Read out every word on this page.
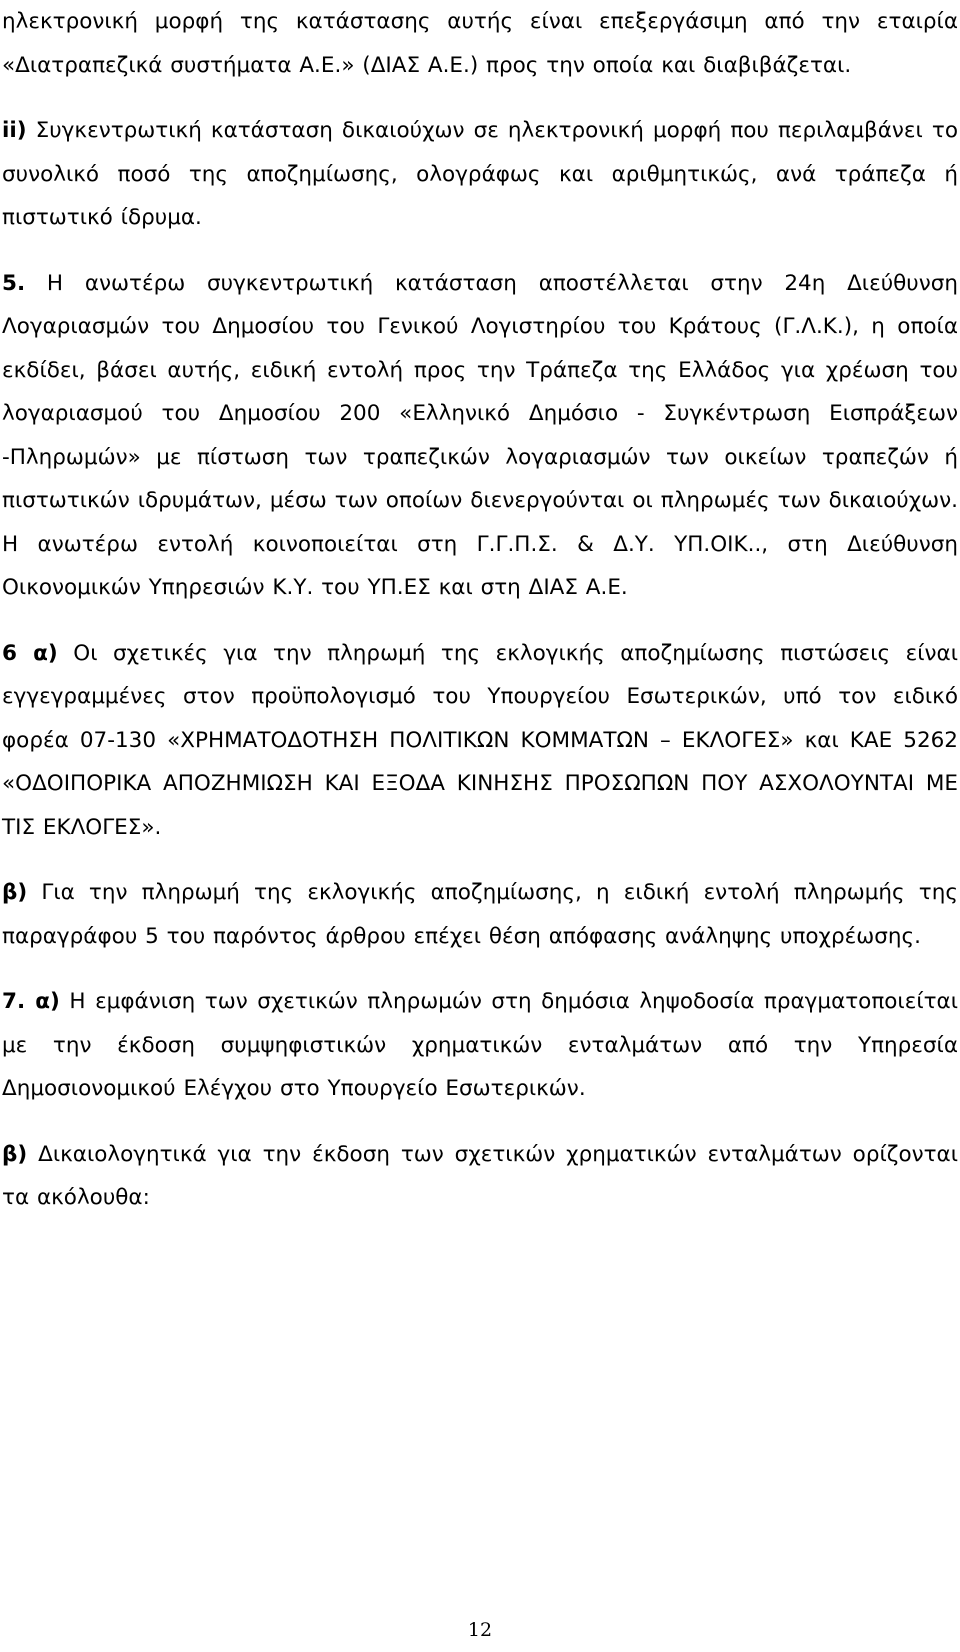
ηλεκτρονική μορφή της κατάστασης αυτής είναι επεξεργάσιμη από την εταιρία «Διατραπεζικά συστήματα Α.Ε.» (ΔΙΑΣ Α.Ε.) προς την οποία και διαβιβάζεται.

ii) Συγκεντρωτική κατάσταση δικαιούχων σε ηλεκτρονική μορφή που περιλαμβάνει το συνολικό ποσό της αποζημίωσης, ολογράφως και αριθμητικώς, ανά τράπεζα ή πιστωτικό ίδρυμα.

5. Η ανωτέρω συγκεντρωτική κατάσταση αποστέλλεται στην 24η Διεύθυνση Λογαριασμών του Δημοσίου του Γενικού Λογιστηρίου του Κράτους (Γ.Λ.Κ.), η οποία εκδίδει, βάσει αυτής, ειδική εντολή προς την Τράπεζα της Ελλάδος για χρέωση του λογαριασμού του Δημοσίου 200 «Ελληνικό Δημόσιο - Συγκέντρωση Εισπράξεων -Πληρωμών» με πίστωση των τραπεζικών λογαριασμών των οικείων τραπεζών ή πιστωτικών ιδρυμάτων, μέσω των οποίων διενεργούνται οι πληρωμές των δικαιούχων. Η ανωτέρω εντολή κοινοποιείται στη Γ.Γ.Π.Σ. & Δ.Υ. ΥΠ.ΟΙΚ.., στη Διεύθυνση Οικονομικών Υπηρεσιών Κ.Υ. του ΥΠ.ΕΣ και στη ΔΙΑΣ Α.Ε.

6 α) Οι σχετικές για την πληρωμή της εκλογικής αποζημίωσης πιστώσεις είναι εγγεγραμμένες στον προϋπολογισμό του Υπουργείου Εσωτερικών, υπό τον ειδικό φορέα 07-130 «ΧΡΗΜΑΤΟΔΟΤΗΣΗ ΠΟΛΙΤΙΚΩΝ ΚΟΜΜΑΤΩΝ – ΕΚΛΟΓΕΣ» και ΚΑΕ 5262 «ΟΔΟΙΠΟΡΙΚΑ ΑΠΟΖΗΜΙΩΣΗ ΚΑΙ ΕΞΟΔΑ ΚΙΝΗΣΗΣ ΠΡΟΣΩΠΩΝ ΠΟΥ ΑΣΧΟΛΟΥΝΤΑΙ ΜΕ ΤΙΣ ΕΚΛΟΓΕΣ».

β) Για την πληρωμή της εκλογικής αποζημίωσης, η ειδική εντολή πληρωμής της παραγράφου 5 του παρόντος άρθρου επέχει θέση απόφασης ανάληψης υποχρέωσης.

7. α) Η εμφάνιση των σχετικών πληρωμών στη δημόσια ληψοδοσία πραγματοποιείται με την έκδοση συμψηφιστικών χρηματικών ενταλμάτων από την Υπηρεσία Δημοσιονομικού Ελέγχου στο Υπουργείο Εσωτερικών.

β) Δικαιολογητικά για την έκδοση των σχετικών χρηματικών ενταλμάτων ορίζονται τα ακόλουθα:

12
